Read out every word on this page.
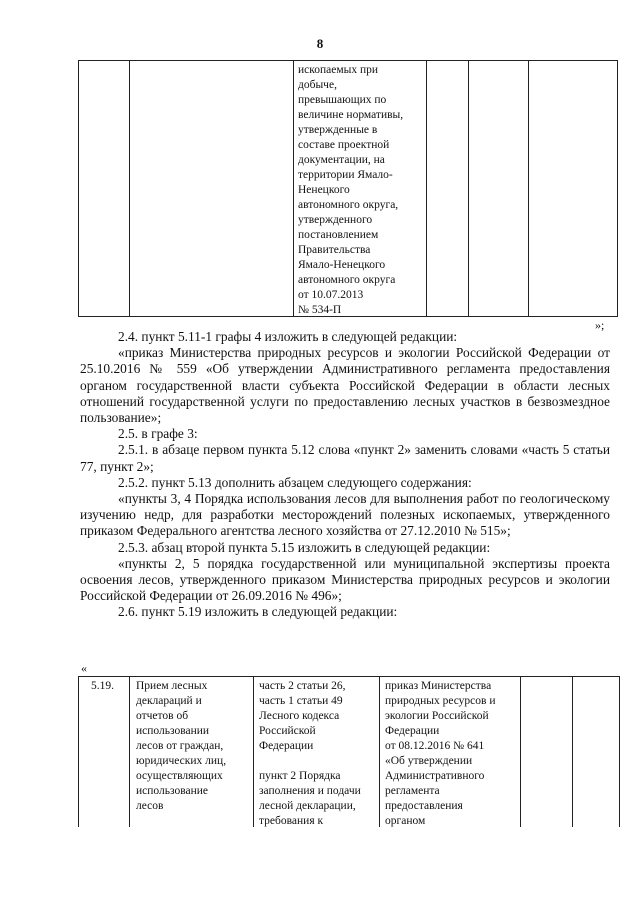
8
ископаемых при
добыче,
превышающих по
величине нормативы,
утвержденные в
составе проектной
документации, на
территории Ямало-
Ненецкого
автономного округа,
утвержденного
постановлением
Правительства
Ямало-Ненецкого
автономного округа
от 10.07.2013
№ 534-П
»;

2.4. пункт 5.11-1 графы 4 изложить в следующей редакции:

«приказ Министерства природных ресурсов и экологии Российской Федерации от 25.10.2016 № 559 «Об утверждении Административного регламента предоставления органом государственной власти субъекта Российской Федерации в области лесных отношений государственной услуги по предоставлению лесных участков в безвозмездное пользование»;

2.5. в графе 3:

2.5.1. в абзаце первом пункта 5.12 слова «пункт 2» заменить словами «часть 5 статьи 77, пункт 2»;

2.5.2. пункт 5.13 дополнить абзацем следующего содержания:

«пункты 3, 4 Порядка использования лесов для выполнения работ по геологическому изучению недр, для разработки месторождений полезных ископаемых, утвержденного приказом Федерального агентства лесного хозяйства от 27.12.2010 № 515»;

2.5.3. абзац второй пункта 5.15 изложить в следующей редакции:

«пункты 2, 5 порядка государственной или муниципальной экспертизы проекта освоения лесов, утвержденного приказом Министерства природных ресурсов и экологии Российской Федерации от 26.09.2016 № 496»;

2.6. пункт 5.19 изложить в следующей редакции:

«
5.19. Прием лесных
деклараций и
отчетов об
использовании
лесов от граждан,
юридических лиц,
осуществляющих
использование
лесов
часть 2 статьи 26,
часть 1 статьи 49
Лесного кодекса
Российской
Федерации
пункт 2 Порядка
заполнения и подачи
лесной декларации,
требования к
приказ Министерства
природных ресурсов и
экологии Российской
Федерации
от 08.12.2016 № 641
«Об утверждении
Административного
регламента
предоставления
органом
